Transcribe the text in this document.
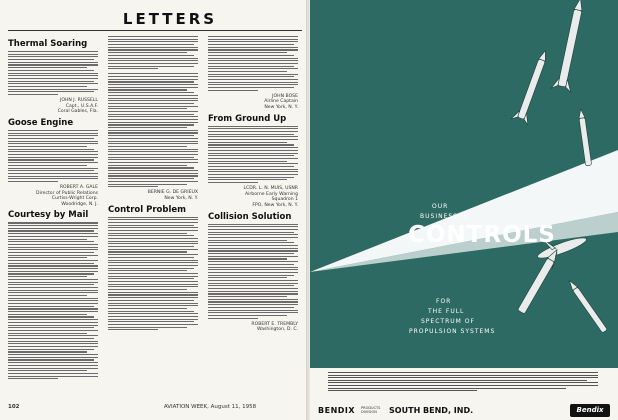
LETTERS
Thermal Soaring
JOHN J. RUSSELL
Capt., U.S.A.F.
Coral Gables, Fla.
Goose Engine
ROBERT A. GALE
Director of Public Relations
Curtiss-Wright Corp.
Woodridge, N. J.
Courtesy by Mail
BERNIE G. DE GRIEUX
New York, N. Y.
Control Problem
JOHN BOSE
Airline Captain
New York, N. Y.
From Ground Up
LCDR. L. N. MUIS, USNR
Airborne Early Warning
Squadron 1
FPO, New York, N. Y.
Collision Solution
ROBERT E. TREMBLY
Washington, D. C.
102	AVIATION WEEK, August 11, 1958
OUR
BUSINESS IS
CONTROLS
FOR
THE FULL
SPECTRUM OF
PROPULSION SYSTEMS
BENDIX PRODUCTS
DIVISION	SOUTH BEND, IND.	Bendix
